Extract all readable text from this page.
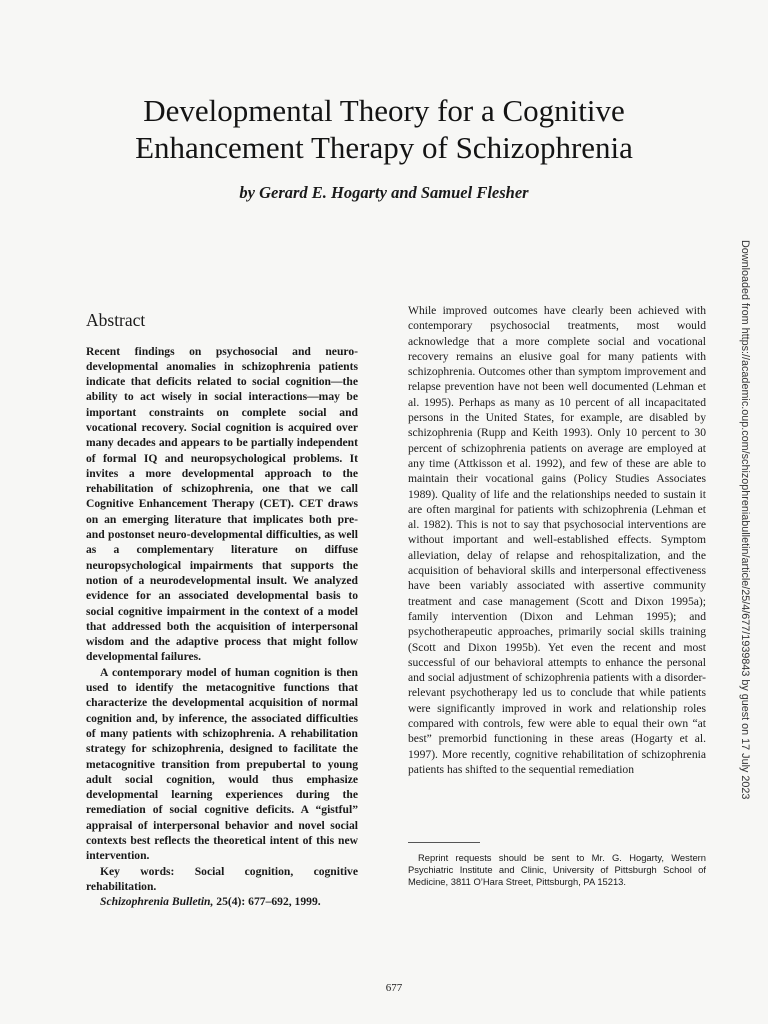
Developmental Theory for a Cognitive
Enhancement Therapy of Schizophrenia
by Gerard E. Hogarty and Samuel Flesher
Abstract

Recent findings on psychosocial and neuro-developmental anomalies in schizophrenia patients indicate that deficits related to social cognition—the ability to act wisely in social interactions—may be important constraints on complete social and vocational recovery. Social cognition is acquired over many decades and appears to be partially independent of formal IQ and neuropsychological problems. It invites a more developmental approach to the rehabilitation of schizophrenia, one that we call Cognitive Enhancement Therapy (CET). CET draws on an emerging literature that implicates both pre- and postonset neuro-developmental difficulties, as well as a complementary literature on diffuse neuropsychological impairments that supports the notion of a neurodevelopmental insult. We analyzed evidence for an associated developmental basis to social cognitive impairment in the context of a model that addressed both the acquisition of interpersonal wisdom and the adaptive process that might follow developmental failures.

A contemporary model of human cognition is then used to identify the metacognitive functions that characterize the developmental acquisition of normal cognition and, by inference, the associated difficulties of many patients with schizophrenia. A rehabilitation strategy for schizophrenia, designed to facilitate the metacognitive transition from prepubertal to young adult social cognition, would thus emphasize developmental learning experiences during the remediation of social cognitive deficits. A “gistful” appraisal of interpersonal behavior and novel social contexts best reflects the theoretical intent of this new intervention.

Key words: Social cognition, cognitive rehabilitation.

Schizophrenia Bulletin, 25(4): 677–692, 1999.

While improved outcomes have clearly been achieved with contemporary psychosocial treatments, most would acknowledge that a more complete social and vocational recovery remains an elusive goal for many patients with schizophrenia. Outcomes other than symptom improvement and relapse prevention have not been well documented (Lehman et al. 1995). Perhaps as many as 10 percent of all incapacitated persons in the United States, for example, are disabled by schizophrenia (Rupp and Keith 1993). Only 10 percent to 30 percent of schizophrenia patients on average are employed at any time (Attkisson et al. 1992), and few of these are able to maintain their vocational gains (Policy Studies Associates 1989). Quality of life and the relationships needed to sustain it are often marginal for patients with schizophrenia (Lehman et al. 1982). This is not to say that psychosocial interventions are without important and well-established effects. Symptom alleviation, delay of relapse and rehospitalization, and the acquisition of behavioral skills and interpersonal effectiveness have been variably associated with assertive community treatment and case management (Scott and Dixon 1995a); family intervention (Dixon and Lehman 1995); and psychotherapeutic approaches, primarily social skills training (Scott and Dixon 1995b). Yet even the recent and most successful of our behavioral attempts to enhance the personal and social adjustment of schizophrenia patients with a disorder-relevant psychotherapy led us to conclude that while patients were significantly improved in work and relationship roles compared with controls, few were able to equal their own “at best” premorbid functioning in these areas (Hogarty et al. 1997). More recently, cognitive rehabilitation of schizophrenia patients has shifted to the sequential remediation

Reprint requests should be sent to Mr. G. Hogarty, Western Psychiatric Institute and Clinic, University of Pittsburgh School of Medicine, 3811 O’Hara Street, Pittsburgh, PA 15213.

677
Downloaded from https://academic.oup.com/schizophreniabulletin/article/25/4/677/1939843 by guest on 17 July 2023
